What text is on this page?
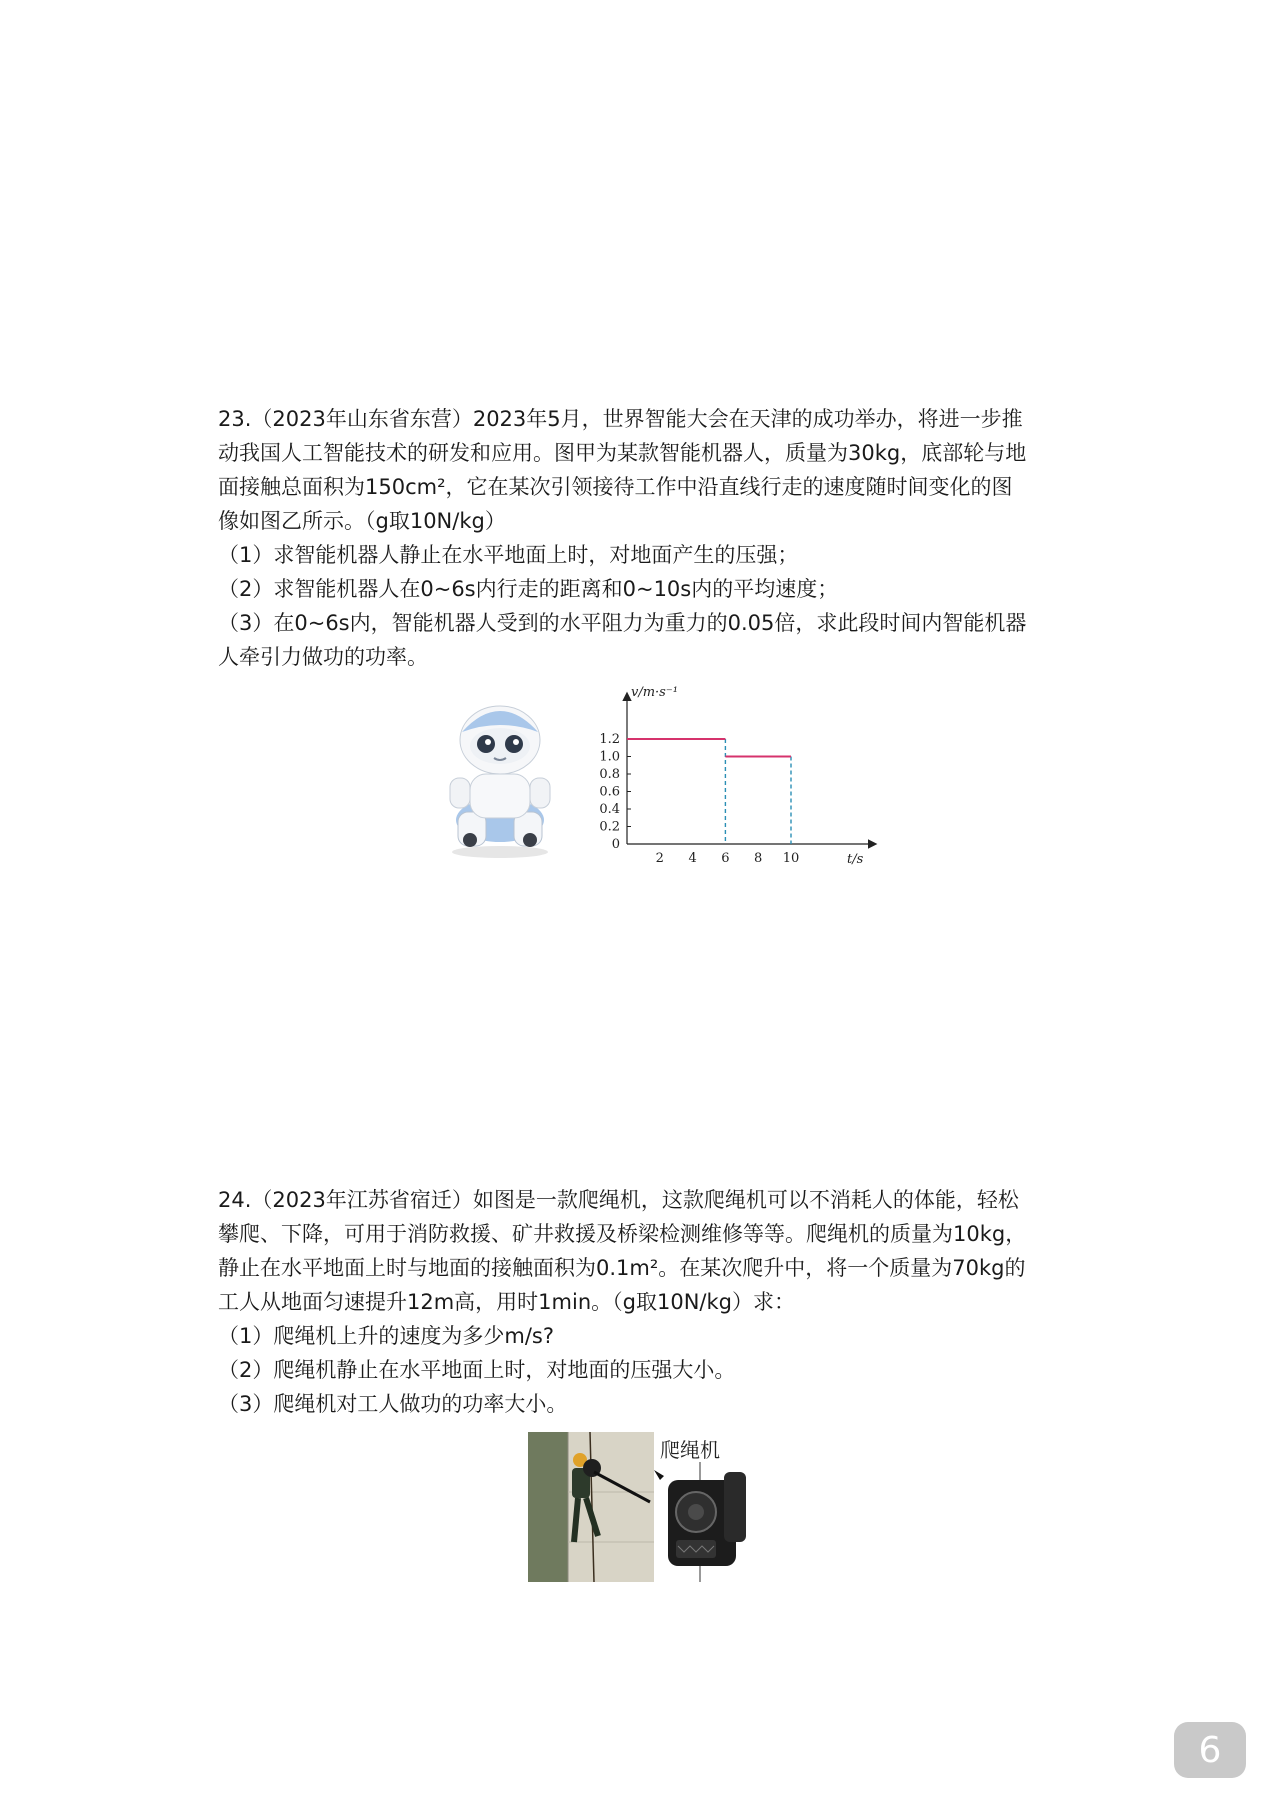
23.（2023年山东省东营）2023年5月，世界智能大会在天津的成功举办，将进一步推

动我国人工智能技术的研发和应用。图甲为某款智能机器人，质量为30kg，底部轮与地

面接触总面积为150cm²，它在某次引领接待工作中沿直线行走的速度随时间变化的图

像如图乙所示。（g取10N/kg）

（1）求智能机器人静止在水平地面上时，对地面产生的压强；

（2）求智能机器人在0~6s内行走的距离和0~10s内的平均速度；

（3）在0~6s内，智能机器人受到的水平阻力为重力的0.05倍，求此段时间内智能机器

人牵引力做功的功率。

v/m·s⁻¹
t/s
1.2
1.0
0.8
0.6
0.4
0.2
0
2 4 6 8 10

24.（2023年江苏省宿迁）如图是一款爬绳机，这款爬绳机可以不消耗人的体能，轻松

攀爬、下降，可用于消防救援、矿井救援及桥梁检测维修等等。爬绳机的质量为10kg，

静止在水平地面上时与地面的接触面积为0.1m²。在某次爬升中，将一个质量为70kg的

工人从地面匀速提升12m高，用时1min。（g取10N/kg）求：

（1）爬绳机上升的速度为多少m/s?

（2）爬绳机静止在水平地面上时，对地面的压强大小。

（3）爬绳机对工人做功的功率大小。

爬绳机
6
